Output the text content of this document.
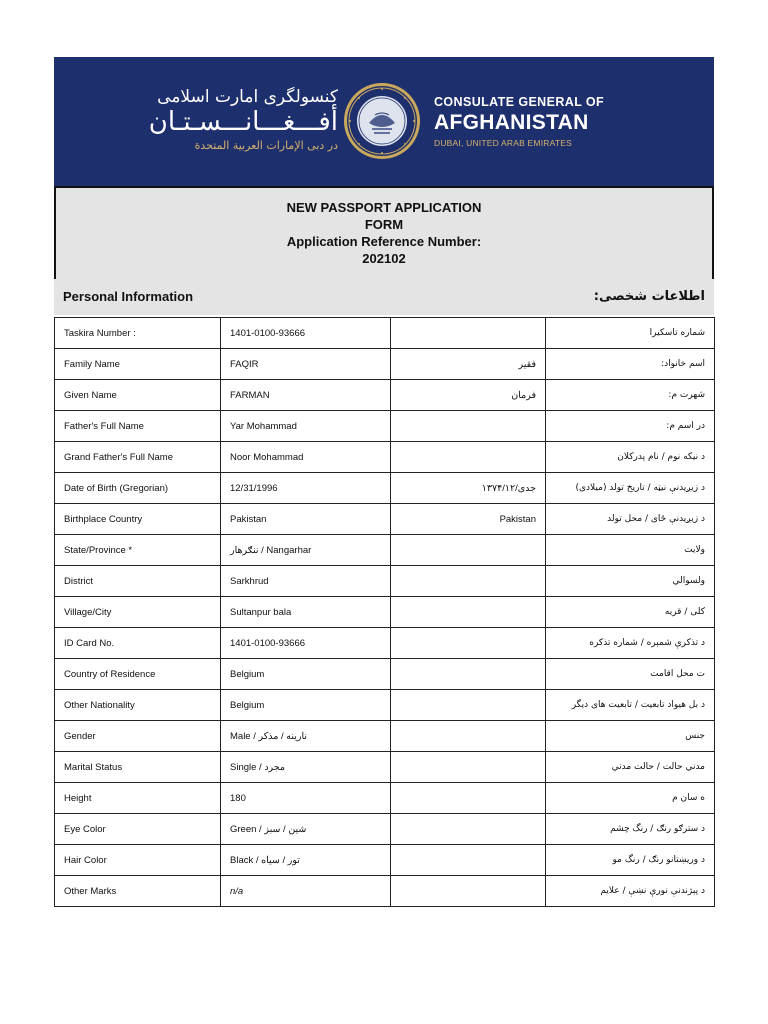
کنسولگری امارت اسلامی
أفـــغـــانـــسـتـان
در دبی الإمارات العربیة المتحدة
CONSULATE GENERAL OF
AFGHANISTAN
DUBAI, UNITED ARAB EMIRATES
NEW PASSPORT APPLICATION
FORM
Application Reference Number:
202102
Personal Information	اطلاعات شخصی:
Taskira Number :	1401-0100-93666		شماره تاسکیرا
Family Name	FAQIR	فقیر	اسم خانواد:
Given Name	FARMAN	فرمان	شهرت م:
Father's Full Name	Yar Mohammad		در اسم م:
Grand Father's Full Name	Noor Mohammad		د نیکه نوم / نام پدرکلان
Date of Birth (Gregorian)	12/31/1996	جدی/۱۳۷۴/۱۲	د زیږیدنې نیټه / تاریخ تولد (میلادی)
Birthplace Country	Pakistan	Pakistan	د زیږیدنې ځای / محل تولد
State/Province *	ننګرهار / Nangarhar		ولایت
District	Sarkhrud		ولسوالي
Village/City	Sultanpur bala		کلی / قریه
ID Card No.	1401-0100-93666		د تذکرې شمېره / شماره تذکره
Country of Residence	Belgium		ت محل اقامت
Other Nationality	Belgium		د بل هیواد تابعیت / تابعیت های دیگر
Gender	Male / نارینه / مذکر		جنس
Marital Status	Single / مجرد		مدني حالت / حالت مدني
Height	180		ه سان م
Eye Color	Green / شین / سبز		د سترګو رنګ / رنگ چشم
Hair Color	Black / تور / سیاه		د وریښتانو رنګ / رنگ مو
Other Marks	n/a		د پېژندنې نورې نښې / علایم
